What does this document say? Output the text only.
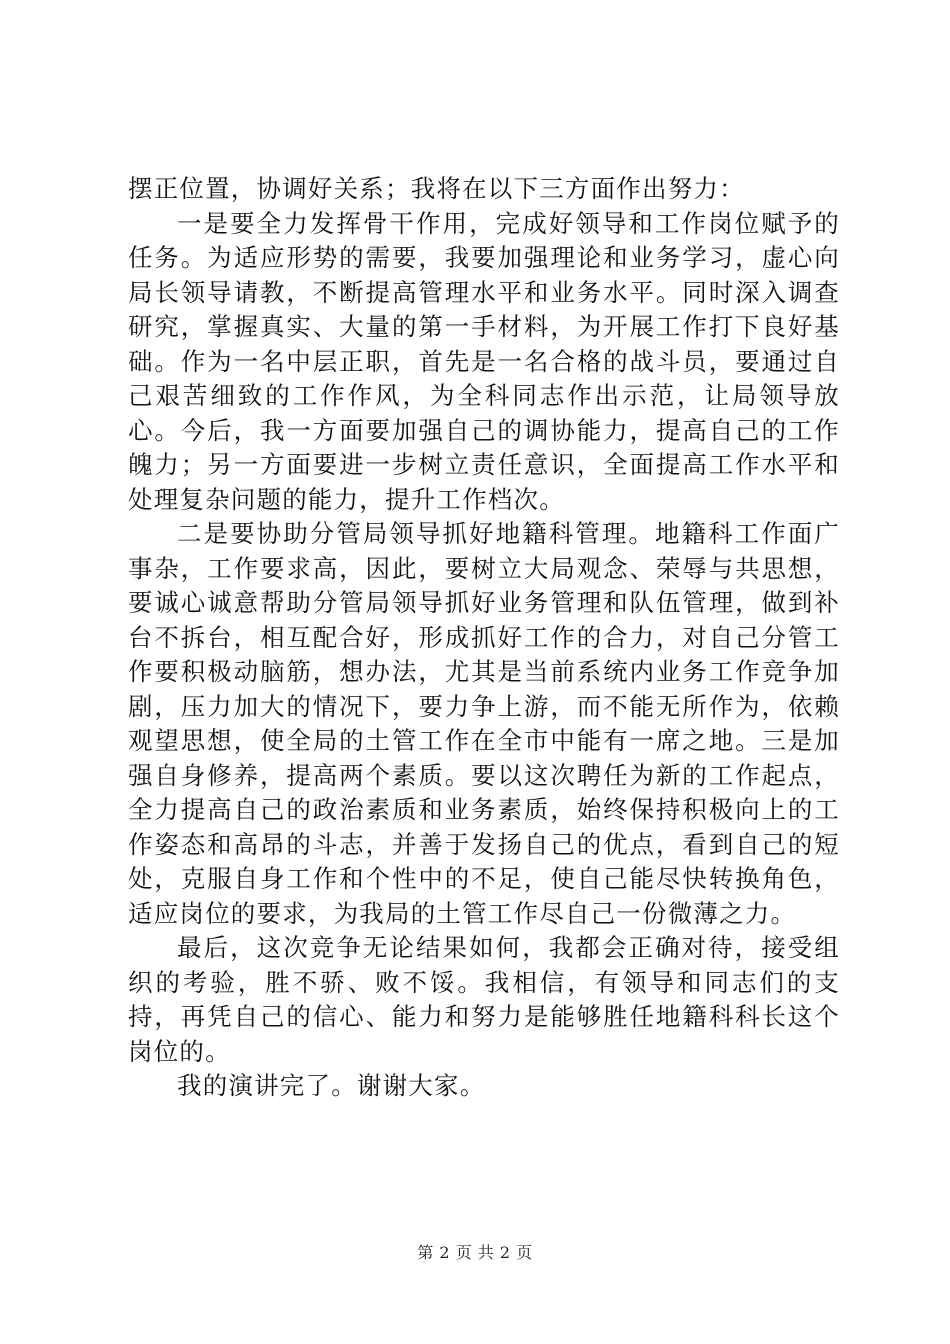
摆正位置，协调好关系；我将在以下三方面作出努力：

一是要全力发挥骨干作用，完成好领导和工作岗位赋予的任务。为适应形势的需要，我要加强理论和业务学习，虚心向局长领导请教，不断提高管理水平和业务水平。同时深入调查研究，掌握真实、大量的第一手材料，为开展工作打下良好基础。作为一名中层正职，首先是一名合格的战斗员，要通过自己艰苦细致的工作作风，为全科同志作出示范，让局领导放心。今后，我一方面要加强自己的调协能力，提高自己的工作魄力；另一方面要进一步树立责任意识，全面提高工作水平和处理复杂问题的能力，提升工作档次。

二是要协助分管局领导抓好地籍科管理。地籍科工作面广事杂，工作要求高，因此，要树立大局观念、荣辱与共思想，要诚心诚意帮助分管局领导抓好业务管理和队伍管理，做到补台不拆台，相互配合好，形成抓好工作的合力，对自己分管工作要积极动脑筋，想办法，尤其是当前系统内业务工作竞争加剧，压力加大的情况下，要力争上游，而不能无所作为，依赖观望思想，使全局的土管工作在全市中能有一席之地。三是加强自身修养，提高两个素质。要以这次聘任为新的工作起点，全力提高自己的政治素质和业务素质，始终保持积极向上的工作姿态和高昂的斗志，并善于发扬自己的优点，看到自己的短处，克服自身工作和个性中的不足，使自己能尽快转换角色，适应岗位的要求，为我局的土管工作尽自己一份微薄之力。

最后，这次竞争无论结果如何，我都会正确对待，接受组织的考验，胜不骄、败不馁。我相信，有领导和同志们的支持，再凭自己的信心、能力和努力是能够胜任地籍科科长这个岗位的。

我的演讲完了。谢谢大家。

第 2 页 共 2 页
